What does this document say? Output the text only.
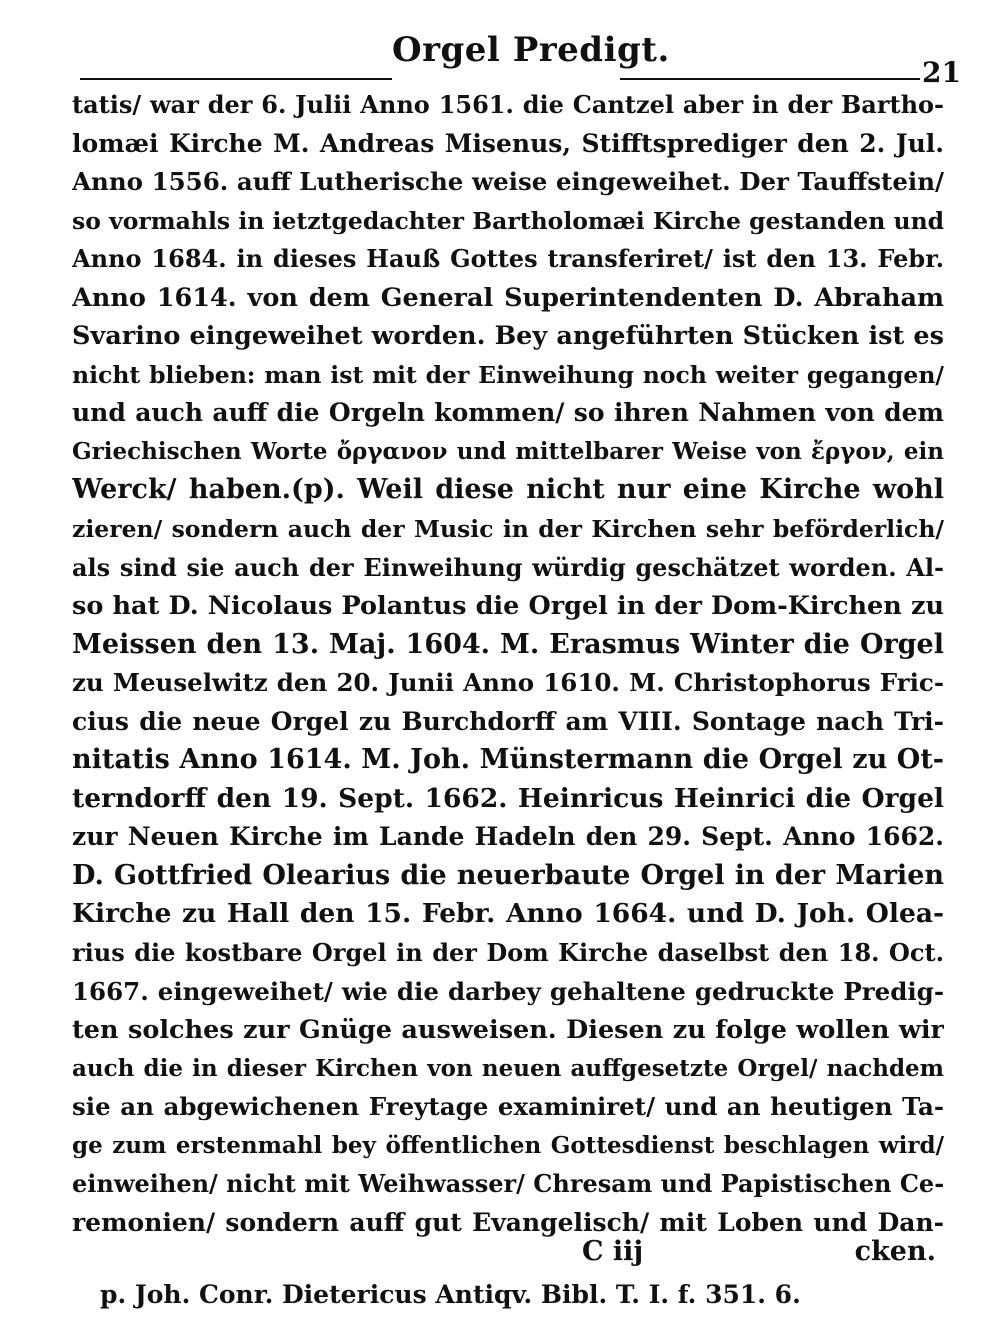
Orgel Predigt.
21
tatis/ war der 6. Julii Anno 1561. die Cantzel aber in der Bartho-
lomæi Kirche M. Andreas Misenus, Stifftsprediger den 2. Jul.
Anno 1556. auff Lutherische weise eingeweihet. Der Tauffstein/
so vormahls in ietztgedachter Bartholomæi Kirche gestanden und
Anno 1684. in dieses Hauß Gottes transferiret/ ist den 13. Febr.
Anno 1614. von dem General Superintendenten D. Abraham
Svarino eingeweihet worden. Bey angeführten Stücken ist es
nicht blieben: man ist mit der Einweihung noch weiter gegangen/
und auch auff die Orgeln kommen/ so ihren Nahmen von dem
Griechischen Worte ὄργανον und mittelbarer Weise von ἔργον, ein
Werck/ haben.(p). Weil diese nicht nur eine Kirche wohl
zieren/ sondern auch der Music in der Kirchen sehr beförderlich/
als sind sie auch der Einweihung würdig geschätzet worden. Al-
so hat D. Nicolaus Polantus die Orgel in der Dom-Kirchen zu
Meissen den 13. Maj. 1604. M. Erasmus Winter die Orgel
zu Meuselwitz den 20. Junii Anno 1610. M. Christophorus Fric-
cius die neue Orgel zu Burchdorff am VIII. Sontage nach Tri-
nitatis Anno 1614. M. Joh. Münstermann die Orgel zu Ot-
terndorff den 19. Sept. 1662. Heinricus Heinrici die Orgel
zur Neuen Kirche im Lande Hadeln den 29. Sept. Anno 1662.
D. Gottfried Olearius die neuerbaute Orgel in der Marien
Kirche zu Hall den 15. Febr. Anno 1664. und D. Joh. Olea-
rius die kostbare Orgel in der Dom Kirche daselbst den 18. Oct.
1667. eingeweihet/ wie die darbey gehaltene gedruckte Predig-
ten solches zur Gnüge ausweisen. Diesen zu folge wollen wir
auch die in dieser Kirchen von neuen auffgesetzte Orgel/ nachdem
sie an abgewichenen Freytage examiniret/ und an heutigen Ta-
ge zum erstenmahl bey öffentlichen Gottesdienst beschlagen wird/
einweihen/ nicht mit Weihwasser/ Chresam und Papistischen Ce-
remonien/ sondern auff gut Evangelisch/ mit Loben und Dan-
C iij	cken.
p. Joh. Conr. Dietericus Antiqv. Bibl. T. I. f. 351. 6.
